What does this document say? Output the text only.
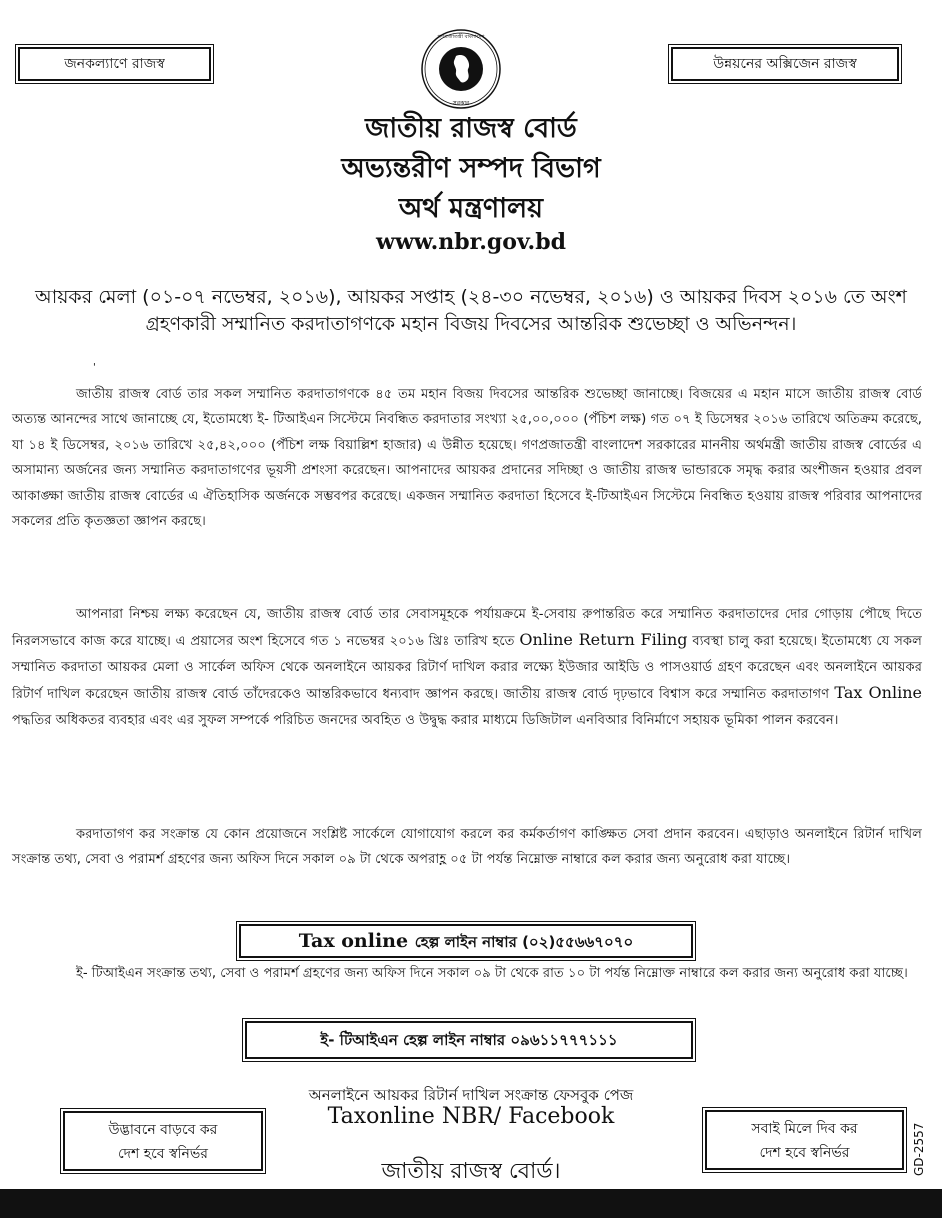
জনকল্যাণে রাজস্ব
গণপ্রজাতন্ত্রী বাংলাদেশ
সরকার
উন্নয়নের অক্সিজেন রাজস্ব
জাতীয় রাজস্ব বোর্ড
অভ্যন্তরীণ সম্পদ বিভাগ
অর্থ মন্ত্রণালয়
www.nbr.gov.bd
আয়কর মেলা (০১-০৭ নভেম্বর, ২০১৬), আয়কর সপ্তাহ (২৪-৩০ নভেম্বর, ২০১৬) ও আয়কর দিবস ২০১৬ তে অংশ গ্রহণকারী সম্মানিত করদাতাগণকে মহান বিজয় দিবসের আন্তরিক শুভেচ্ছা ও অভিনন্দন।
'

জাতীয় রাজস্ব বোর্ড তার সকল সম্মানিত করদাতাগণকে ৪৫ তম মহান বিজয় দিবসের আন্তরিক শুভেচ্ছা জানাচ্ছে। বিজয়ের এ মহান মাসে জাতীয় রাজস্ব বোর্ড অত্যন্ত আনন্দের সাথে জানাচ্ছে যে, ইতোমধ্যে ই- টিআইএন সিস্টেমে নিবন্ধিত করদাতার সংখ্যা ২৫,০০,০০০ (পঁচিশ লক্ষ) গত ০৭ ই ডিসেম্বর ২০১৬ তারিখে অতিক্রম করেছে, যা ১৪ ই ডিসেম্বর, ২০১৬ তারিখে ২৫,৪২,০০০ (পঁচিশ লক্ষ বিয়াল্লিশ হাজার) এ উন্নীত হয়েছে। গণপ্রজাতন্ত্রী বাংলাদেশ সরকারের মাননীয় অর্থমন্ত্রী জাতীয় রাজস্ব বোর্ডের এ অসামান্য অর্জনের জন্য সম্মানিত করদাতাগণের ভূয়সী প্রশংসা করেছেন। আপনাদের আয়কর প্রদানের সদিচ্ছা ও জাতীয় রাজস্ব ভান্ডারকে সমৃদ্ধ করার অংশীজন হওয়ার প্রবল আকাঙ্ক্ষা জাতীয় রাজস্ব বোর্ডের এ ঐতিহাসিক অর্জনকে সম্ভবপর করেছে। একজন সম্মানিত করদাতা হিসেবে ই-টিআইএন সিস্টেমে নিবন্ধিত হওয়ায় রাজস্ব পরিবার আপনাদের সকলের প্রতি কৃতজ্ঞতা জ্ঞাপন করছে।

আপনারা নিশ্চয় লক্ষ্য করেছেন যে, জাতীয় রাজস্ব বোর্ড তার সেবাসমূহকে পর্যায়ক্রমে ই-সেবায় রুপান্তরিত করে সম্মানিত করদাতাদের দোর গোড়ায় পৌছে দিতে নিরলসভাবে কাজ করে যাচ্ছে। এ প্রয়াসের অংশ হিসেবে গত ১ নভেম্বর ২০১৬ খ্রিঃ তারিখ হতে Online Return Filing ব্যবস্থা চালু করা হয়েছে। ইতোমধ্যে যে সকল সম্মানিত করদাতা আয়কর মেলা ও সার্কেল অফিস থেকে অনলাইনে আয়কর রিটার্ণ দাখিল করার লক্ষ্যে ইউজার আইডি ও পাসওয়ার্ড গ্রহণ করেছেন এবং অনলাইনে আয়কর রিটার্ণ দাখিল করেছেন জাতীয় রাজস্ব বোর্ড তাঁদেরকেও আন্তরিকভাবে ধন্যবাদ জ্ঞাপন করছে। জাতীয় রাজস্ব বোর্ড দৃঢ়ভাবে বিশ্বাস করে সম্মানিত করদাতাগণ Tax Online পদ্ধতির অধিকতর ব্যবহার এবং এর সুফল সম্পর্কে পরিচিত জনদের অবহিত ও উদ্বুদ্ধ করার মাধ্যমে ডিজিটাল এনবিআর বিনির্মাণে সহায়ক ভূমিকা পালন করবেন।

করদাতাগণ কর সংক্রান্ত যে কোন প্রয়োজনে সংশ্লিষ্ট সার্কেলে যোগাযোগ করলে কর কর্মকর্তাগণ কাঙ্ক্ষিত সেবা প্রদান করবেন। এছাড়াও অনলাইনে রিটার্ন দাখিল সংক্রান্ত তথ্য, সেবা ও পরামর্শ গ্রহণের জন্য অফিস দিনে সকাল ০৯ টা থেকে অপরাহ্ণ ০৫ টা পর্যন্ত নিম্নোক্ত নাম্বারে কল করার জন্য অনুরোধ করা যাচ্ছে।

Tax online হেল্প লাইন নাম্বার (০২)৫৫৬৬৭০৭০

ই- টিআইএন সংক্রান্ত তথ্য, সেবা ও পরামর্শ গ্রহণের জন্য অফিস দিনে সকাল ০৯ টা থেকে রাত ১০ টা পর্যন্ত নিম্নোক্ত নাম্বারে কল করার জন্য অনুরোধ করা যাচ্ছে।

ই- টিআইএন হেল্প লাইন নাম্বার ০৯৬১১৭৭৭১১১
অনলাইনে আয়কর রিটার্ন দাখিল সংক্রান্ত ফেসবুক পেজ
Taxonline NBR/ Facebook
উদ্ভাবনে বাড়বে কর
দেশ হবে স্বনির্ভর
সবাই মিলে দিব কর
দেশ হবে স্বনির্ভর
জাতীয় রাজস্ব বোর্ড।	GD-2557
